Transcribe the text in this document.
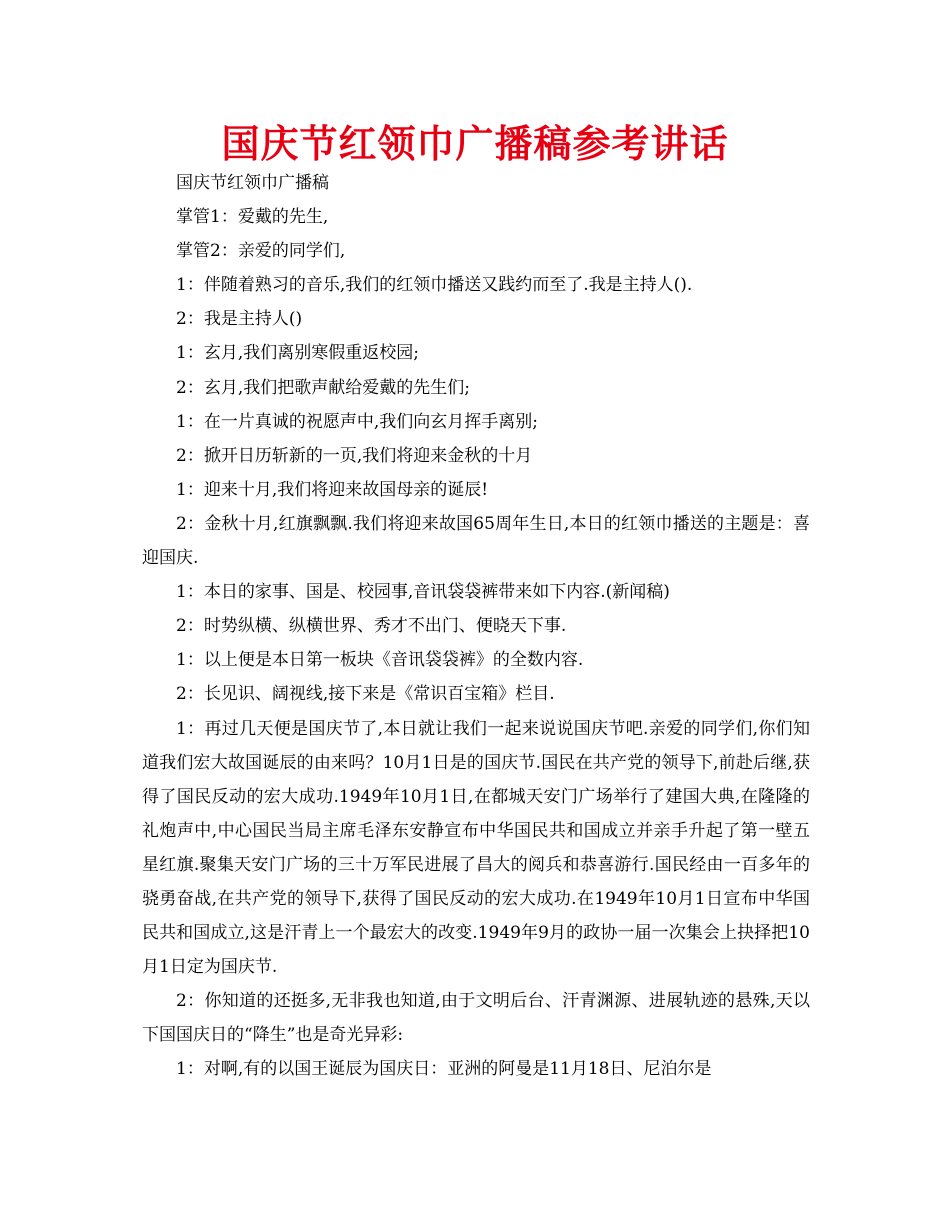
国庆节红领巾广播稿参考讲话

国庆节红领巾广播稿

掌管1：爱戴的先生,

掌管2：亲爱的同学们,

1：伴随着熟习的音乐,我们的红领巾播送又践约而至了.我是主持人().

2：我是主持人()

1：玄月,我们离别寒假重返校园;

2：玄月,我们把歌声献给爱戴的先生们;

1：在一片真诚的祝愿声中,我们向玄月挥手离别;

2：掀开日历斩新的一页,我们将迎来金秋的十月

1：迎来十月,我们将迎来故国母亲的诞辰!

2：金秋十月,红旗飘飘.我们将迎来故国65周年生日,本日的红领巾播送的主题是：喜迎国庆.

1：本日的家事、国是、校园事,音讯袋袋裤带来如下内容.(新闻稿)

2：时势纵横、纵横世界、秀才不出门、便晓天下事.

1：以上便是本日第一板块《音讯袋袋裤》的全数内容.

2：长见识、阔视线,接下来是《常识百宝箱》栏目.

1：再过几天便是国庆节了,本日就让我们一起来说说国庆节吧.亲爱的同学们,你们知道我们宏大故国诞辰的由来吗？10月1日是的国庆节.国民在共产党的领导下,前赴后继,获得了国民反动的宏大成功.1949年10月1日,在都城天安门广场举行了建国大典,在隆隆的礼炮声中,中心国民当局主席毛泽东安静宣布中华国民共和国成立并亲手升起了第一壁五星红旗.聚集天安门广场的三十万军民进展了昌大的阅兵和恭喜游行.国民经由一百多年的骁勇奋战,在共产党的领导下,获得了国民反动的宏大成功.在1949年10月1日宣布中华国民共和国成立,这是汗青上一个最宏大的改变.1949年9月的政协一届一次集会上抉择把10月1日定为国庆节.

2：你知道的还挺多,无非我也知道,由于文明后台、汗青渊源、进展轨迹的悬殊,天以下国国庆日的“降生”也是奇光异彩:

1：对啊,有的以国王诞辰为国庆日：亚洲的阿曼是11月18日、尼泊尔是
